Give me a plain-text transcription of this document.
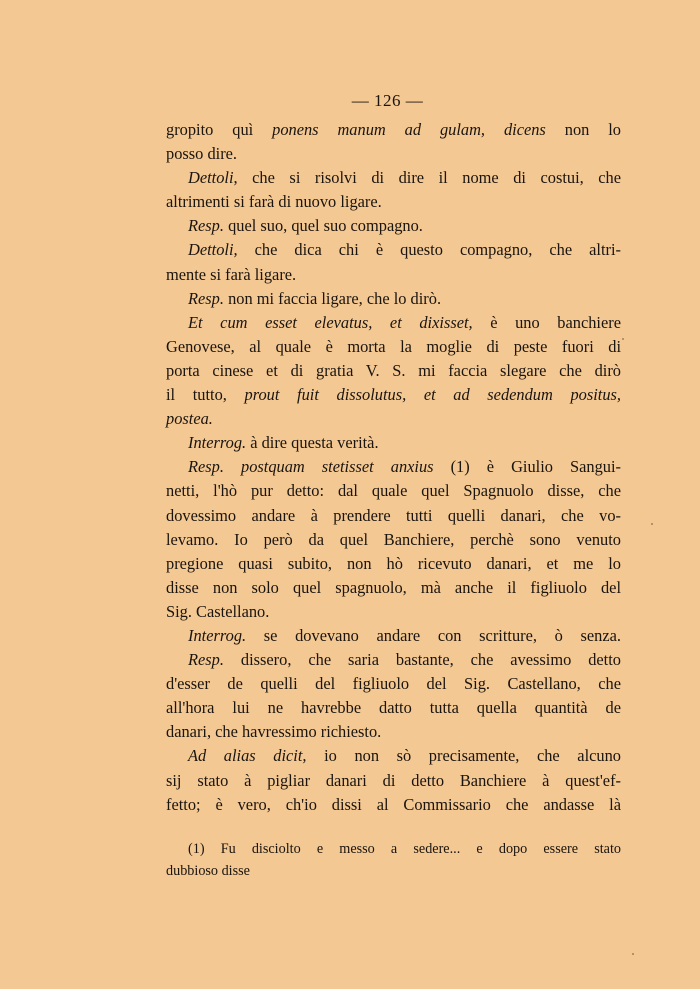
— 126 —
gropito quì ponens manum ad gulam, dicens non lo
posso dire.
Dettoli, che si risolvi di dire il nome di costui, che
altrimenti si farà di nuovo ligare.
Resp. quel suo, quel suo compagno.
Dettoli, che dica chi è questo compagno, che altri-
mente si farà ligare.
Resp. non mi faccia ligare, che lo dirò.
Et cum esset elevatus, et dixisset, è uno banchiere
Genovese, al quale è morta la moglie di peste fuori di
porta cinese et di gratia V. S. mi faccia slegare che dirò
il tutto, prout fuit dissolutus, et ad sedendum positus,
postea.
Interrog. à dire questa verità.
Resp. postquam stetisset anxius (1) è Giulio Sangui-
netti, l'hò pur detto: dal quale quel Spagnuolo disse, che
dovessimo andare à prendere tutti quelli danari, che vo-
levamo. Io però da quel Banchiere, perchè sono venuto
pregione quasi subito, non hò ricevuto danari, et me lo
disse non solo quel spagnuolo, mà anche il figliuolo del
Sig. Castellano.
Interrog. se dovevano andare con scritture, ò senza.
Resp. dissero, che saria bastante, che avessimo detto
d'esser de quelli del figliuolo del Sig. Castellano, che
all'hora lui ne havrebbe datto tutta quella quantità de
danari, che havressimo richiesto.
Ad alias dicit, io non sò precisamente, che alcuno
sij stato à pigliar danari di detto Banchiere à quest'ef-
fetto; è vero, ch'io dissi al Commissario che andasse là
(1) Fu disciolto e messo a sedere... e dopo essere stato
dubbioso disse
